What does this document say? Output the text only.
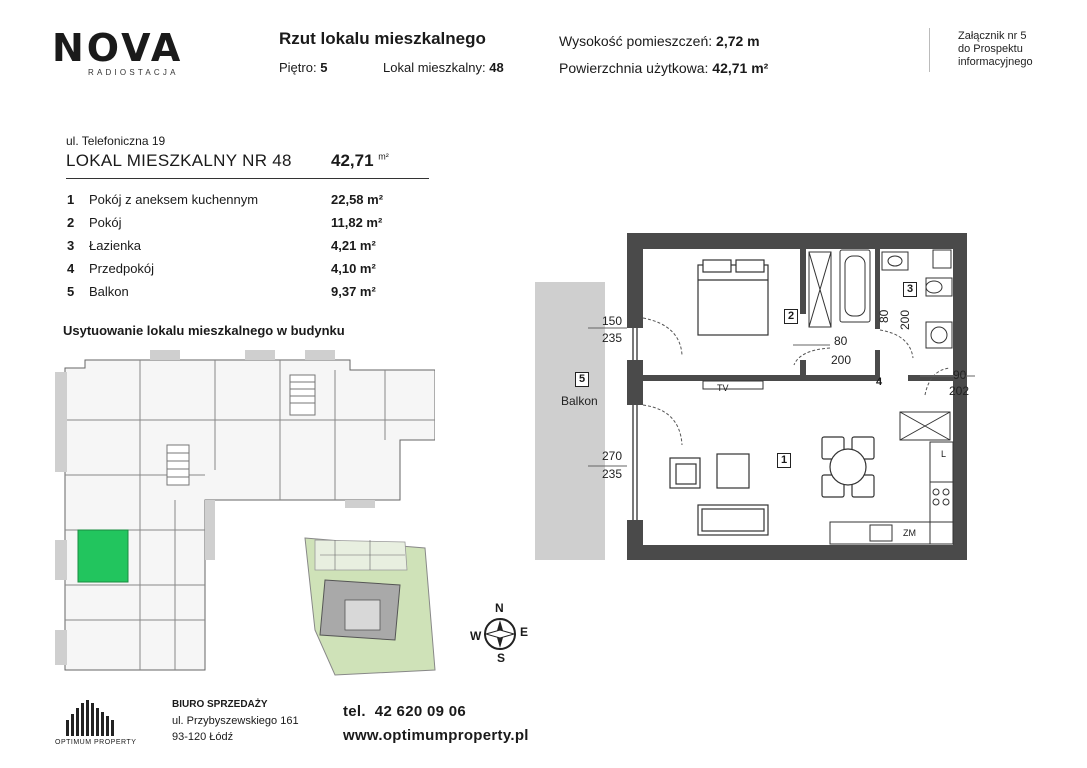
NOVA
RADIOSTACJA
Rzut lokalu mieszkalnego
Piętro: 5	Lokal mieszkalny: 48
Wysokość pomieszczeń: 2,72 m
Powierzchnia użytkowa: 42,71 m²
Załącznik nr 5
do Prospektu
informacyjnego
ul. Telefoniczna 19
LOKAL MIESZKALNY NR 48 42,71 $^{m^2}$
1	Pokój z aneksem kuchennym	22,58 m²
2	Pokój	11,82 m²
3	Łazienka	4,21 m²
4	Przedpokój	4,10 m²
5	Balkon	9,37 m²
Usytuowanie lokalu mieszkalnego w budynku
N
E
S
W
1
2
3
4
5
Balkon
150
235	80
200
80 200
90
202
270
235
TV
ZM
L
OPTIMUM PROPERTY
BIURO SPRZEDAŻY
ul. Przybyszewskiego 161
93-120 Łódź
tel.  42 620 09 06
www.optimumproperty.pl
